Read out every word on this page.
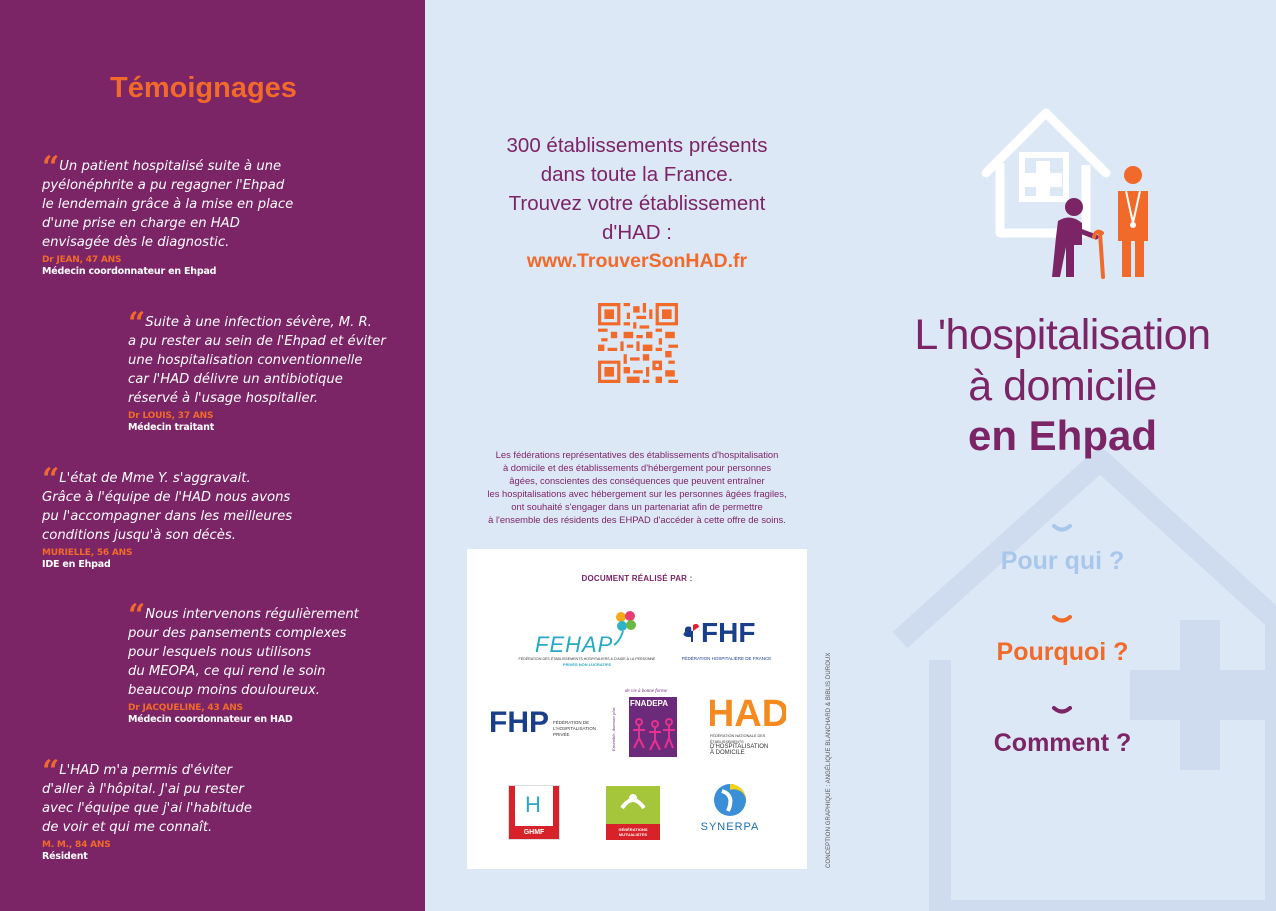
Témoignages
“ Un patient hospitalisé suite à une
pyélonéphrite a pu regagner l'Ehpad
le lendemain grâce à la mise en place
d'une prise en charge en HAD
envisagée dès le diagnostic.
Dr JEAN, 47 ANS
Médecin coordonnateur en Ehpad
“ Suite à une infection sévère, M. R.
a pu rester au sein de l'Ehpad et éviter
une hospitalisation conventionnelle
car l'HAD délivre un antibiotique
réservé à l'usage hospitalier.
Dr LOUIS, 37 ANS
Médecin traitant
“ L'état de Mme Y. s'aggravait.
Grâce à l'équipe de l'HAD nous avons
pu l'accompagner dans les meilleures
conditions jusqu'à son décès.
MURIELLE, 56 ANS
IDE en Ehpad
“ Nous intervenons régulièrement
pour des pansements complexes
pour lesquels nous utilisons
du MEOPA, ce qui rend le soin
beaucoup moins douloureux.
Dr JACQUELINE, 43 ANS
Médecin coordonnateur en HAD
“ L'HAD m'a permis d'éviter
d'aller à l'hôpital. J'ai pu rester
avec l'équipe que j'ai l'habitude
de voir et qui me connaît.
M. M., 84 ANS
Résident
300 établissements présents
dans toute la France.
Trouvez votre établissement
d'HAD :
www.TrouverSonHAD.fr
Les fédérations représentatives des établissements d'hospitalisation
à domicile et des établissements d'hébergement pour personnes
âgées, conscientes des conséquences que peuvent entraîner
les hospitalisations avec hébergement sur les personnes âgées fragiles,
ont souhaité s'engager dans un partenariat afin de permettre
à l'ensemble des résidents des EHPAD d'accéder à cette offre de soins.
DOCUMENT RÉALISÉ PAR :
FEHAP
FÉDÉRATION DES ÉTABLISSEMENTS HOSPITALIERS & D'AIDE À LA PERSONNE
PRIVÉS NON LUCRATIFS
FHF
FÉDÉRATION HOSPITALIÈRE DE FRANCE
FHP FÉDÉRATION DE
L'HOSPITALISATION
PRIVÉE
de vie à bonne forme
FNADEPA
Ensemble, donnons plus HAD
FÉDÉRATION NATIONALE DES ÉTABLISSEMENTS
D'HOSPITALISATION
À DOMICILE
H
GHMF	GÉNÉRATIONS MUTUALISTES
SYNERPA	CONCEPTION GRAPHIQUE : ANGÉLIQUE BLANCHARD & BIBLIS DUROUX
L'hospitalisation
à domicile
en Ehpad
Pour qui ?
Pourquoi ?
Comment ?
